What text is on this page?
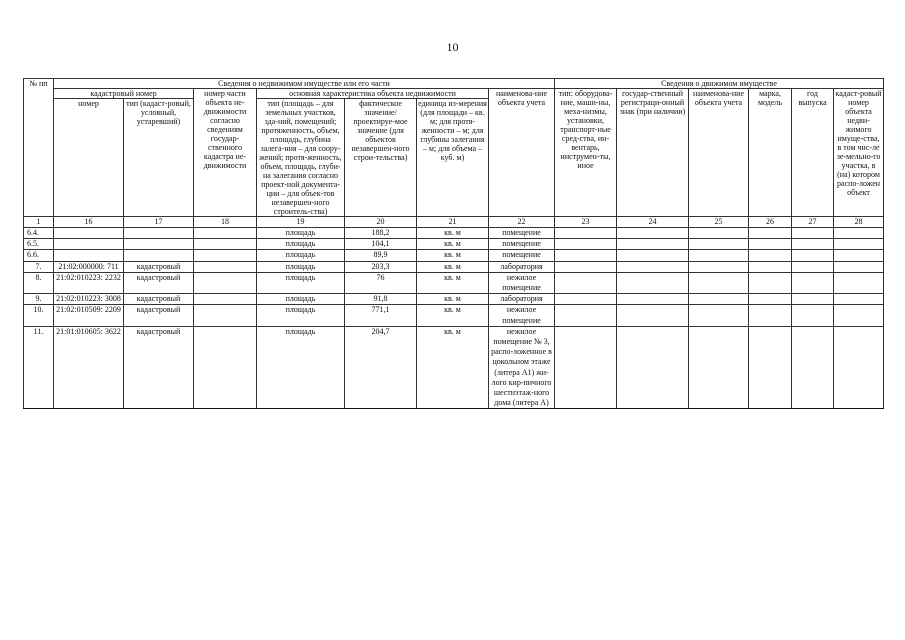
10
№ пп	Сведения о недвижимом имуществе или его части							Сведения о движимом имуществе					
	кадастровый номер		номер части объекта не-движимости согласно сведениям государ-ственного кадастра не-движимости	основная характеристика объекта недвижимости			наименова-ние объекта учета	тип: оборудова-ние, маши-ны, меха-низмы, установки, транспорт-ные сред-ства, ин-вентарь, инструмен-ты, иное	государ-ственный регистраци-онный знак (при наличии)	наименова-ние объекта учета	марка, модель	год выпуска	кадаст-ровый номер объекта недви-жимого имуще-ства, в том чис-ле зе-мельно-го участка, в (на) котором распо-ложен объект
	номер	тип (кадаст-ровый, условный, устаревший)		тип (площадь – для земельных участков, зда-ний, помещений; протяженность, объем, площадь, глубина залега-ния – для соору-жений; протя-женность, объем, площадь, глуби-на залегания согласно проект-ной документа-ции – для объек-тов незавершен-ного строитель-ства)	фактическое значение/ проектируе-мое значение (для объектов незавершен-ного строи-тельства)	единица из-мерения (для площади – кв. м; для протя-женности – м; для глубины залегания – м; для объема – куб. м)							
1	16	17	18	19	20	21	22	23	24	25	26	27	28
6.4.				площадь	188,2	кв. м	помещение						
6.5.				площадь	104,1	кв. м	помещение						
6.6.				площадь	89,9	кв. м	помещение						
7.	21:02:000000: 711	кадастровый		площадь	203,3	кв. м	лаборатория						
8.	21:02:010223: 2232	кадастровый		площадь	76	кв. м	нежилое помещение						
9.	21:02:010223: 3008	кадастровый		площадь	91,8	кв. м	лаборатория						
10.	21:02:010509: 2209	кадастровый		площадь	771,1	кв. м	нежилое помещение						
11.	21:01:010605: 3622	кадастровый		площадь	204,7	кв. м	нежилое помещение № 3, распо-ложенное в цокольном этаже (литера А1) жи-лого кир-пичного шестиэтаж-ного дома (литера А)						
